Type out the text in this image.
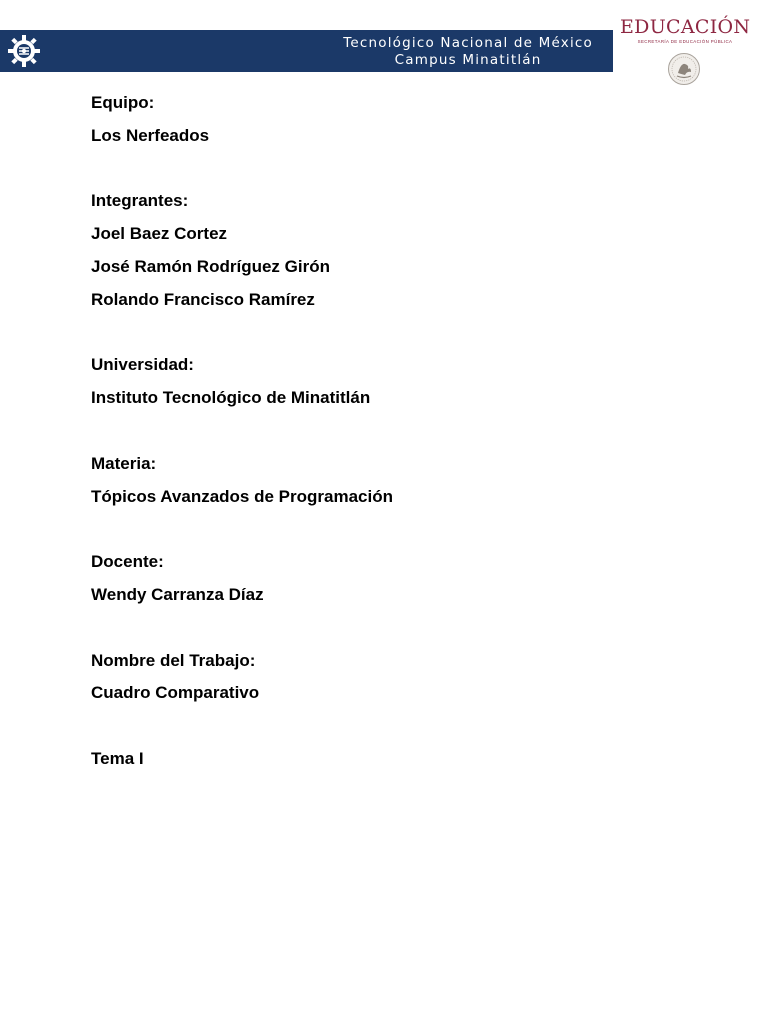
Tecnológico Nacional de México
Campus Minatitlán
EDUCACIÓN
SECRETARÍA DE EDUCACIÓN PÚBLICA

Equipo:

Los Nerfeados

Integrantes:

Joel Baez Cortez

José Ramón Rodríguez Girón

Rolando Francisco Ramírez

Universidad:

Instituto Tecnológico de Minatitlán

Materia:

Tópicos Avanzados de Programación

Docente:

Wendy Carranza Díaz

Nombre del Trabajo:

Cuadro Comparativo

Tema I
